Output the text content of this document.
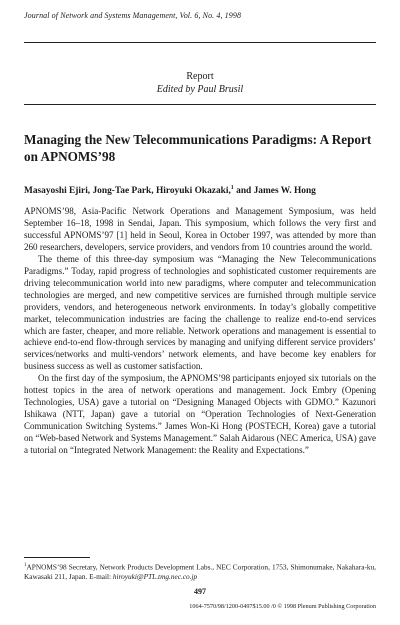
Journal of Network and Systems Management, Vol. 6, No. 4, 1998
Report
Edited by Paul Brusil
Managing the New Telecommunications Paradigms: A Report on APNOMS’98
Masayoshi Ejiri, Jong-Tae Park, Hiroyuki Okazaki,$^1$ and James W. Hong

APNOMS’98, Asia-Pacific Network Operations and Management Symposium, was held September 16–18, 1998 in Sendai, Japan. This symposium, which follows the very first and successful APNOMS’97 [1] held in Seoul, Korea in October 1997, was attended by more than 260 researchers, developers, service providers, and vendors from 10 countries around the world.

The theme of this three-day symposium was “Managing the New Telecommunications Paradigms.” Today, rapid progress of technologies and sophisticated customer requirements are driving telecommunication world into new paradigms, where computer and telecommunication technologies are merged, and new competitive services are furnished through multiple service providers, vendors, and heterogeneous network environments. In today’s globally competitive market, telecommunication industries are facing the challenge to realize end-to-end services which are faster, cheaper, and more reliable. Network operations and management is essential to achieve end-to-end flow-through services by managing and unifying different service providers’ services/networks and multi-vendors’ network elements, and have become key enablers for business success as well as customer satisfaction.

On the first day of the symposium, the APNOMS’98 participants enjoyed six tutorials on the hottest topics in the area of network operations and management. Jock Embry (Opening Technologies, USA) gave a tutorial on “Designing Managed Objects with GDMO.” Kazunori Ishikawa (NTT, Japan) gave a tutorial on “Operation Technologies of Next-Generation Communication Switching Systems.” James Won-Ki Hong (POSTECH, Korea) gave a tutorial on “Web-based Network and Systems Management.” Salah Aidarous (NEC America, USA) gave a tutorial on “Integrated Network Management: the Reality and Expectations.”

$^1$APNOMS’98 Secretary, Network Products Development Labs., NEC Corporation, 1753, Shimonumake, Nakahara-ku, Kawasaki 211, Japan. E-mail: hiroyuki@PTL.tmg.nec.co.jp
497
1064-7570/98/1200-0497$15.00 /0 © 1998 Plenum Publishing Corporation
